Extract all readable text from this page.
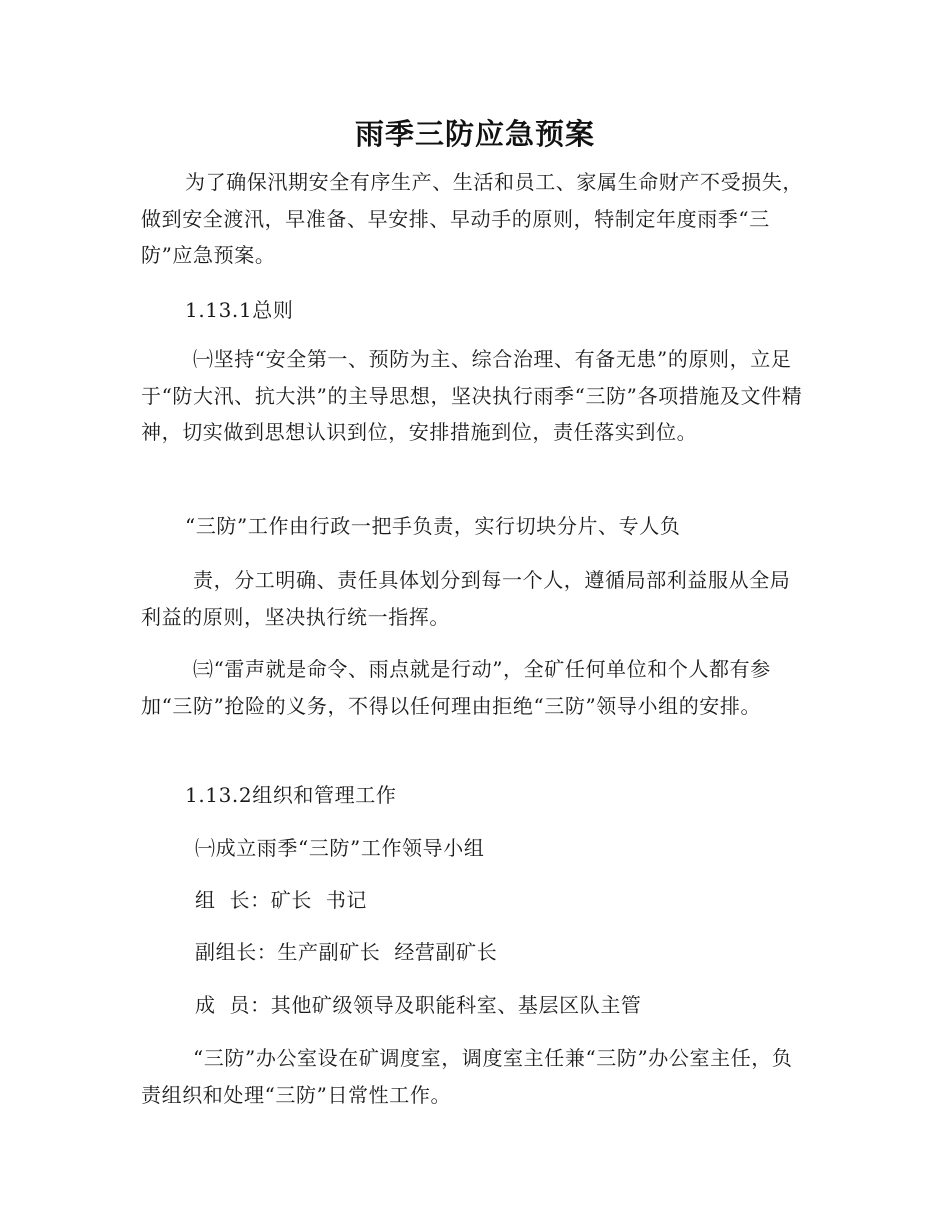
雨季三防应急预案

为了确保汛期安全有序生产、生活和员工、家属生命财产不受损失，做到安全渡汛，早准备、早安排、早动手的原则，特制定年度雨季“三防”应急预案。

1.13.1总则

㈠坚持“安全第一、预防为主、综合治理、有备无患”的原则，立足于“防大汛、抗大洪”的主导思想，坚决执行雨季“三防”各项措施及文件精神，切实做到思想认识到位，安排措施到位，责任落实到位。

“三防”工作由行政一把手负责，实行切块分片、专人负

责，分工明确、责任具体划分到每一个人，遵循局部利益服从全局利益的原则，坚决执行统一指挥。

㈢“雷声就是命令、雨点就是行动”，全矿任何单位和个人都有参加“三防”抢险的义务，不得以任何理由拒绝“三防”领导小组的安排。

1.13.2组织和管理工作

㈠成立雨季“三防”工作领导小组

组  长：矿长  书记

副组长：生产副矿长  经营副矿长

成  员：其他矿级领导及职能科室、基层区队主管

“三防”办公室设在矿调度室，调度室主任兼“三防”办公室主任，负责组织和处理“三防”日常性工作。
